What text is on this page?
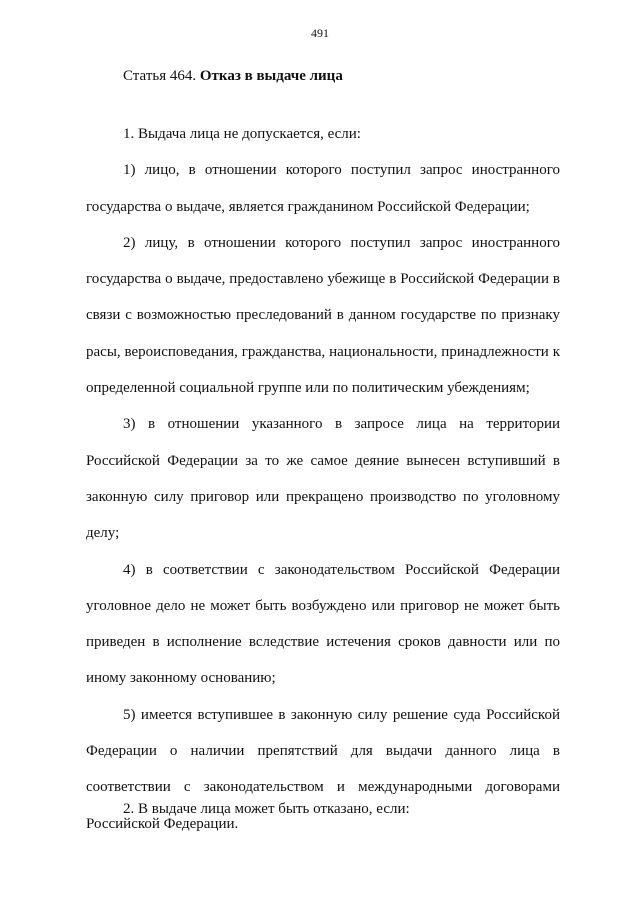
491
Статья 464. Отказ в выдаче лица

1. Выдача лица не допускается, если:

1) лицо, в отношении которого поступил запрос иностранного государства о выдаче, является гражданином Российской Федерации;

2) лицу, в отношении которого поступил запрос иностранного государства о выдаче, предоставлено убежище в Российской Федерации в связи с возможностью преследований в данном государстве по признаку расы, вероисповедания, гражданства, национальности, принадлежности к определенной социальной группе или по политическим убеждениям;

3) в отношении указанного в запросе лица на территории Российской Федерации за то же самое деяние вынесен вступивший в законную силу приговор или прекращено производство по уголовному делу;

4) в соответствии с законодательством Российской Федерации уголовное дело не может быть возбуждено или приговор не может быть приведен в исполнение вследствие истечения сроков давности или по иному законному основанию;

5) имеется вступившее в законную силу решение суда Российской Федерации о наличии препятствий для выдачи данного лица в соответствии с законодательством и международными договорами Российской Федерации.

2. В выдаче лица может быть отказано, если:
